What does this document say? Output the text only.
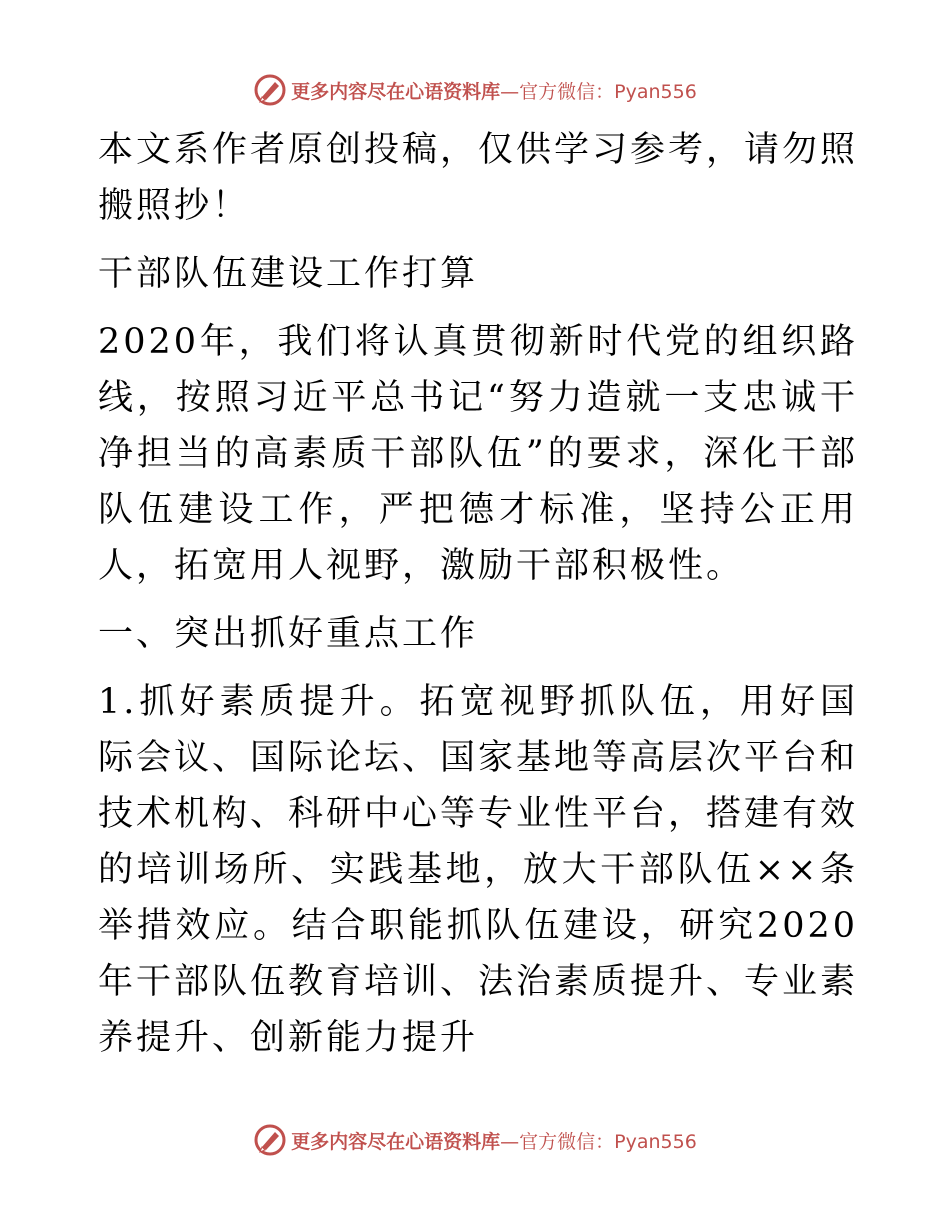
更多内容尽在心语资料库 —官方微信：Pyan556

本文系作者原创投稿，仅供学习参考，请勿照搬照抄！

干部队伍建设工作打算

2020年，我们将认真贯彻新时代党的组织路线，按照习近平总书记“努力造就一支忠诚干净担当的高素质干部队伍”的要求，深化干部队伍建设工作，严把德才标准，坚持公正用人，拓宽用人视野，激励干部积极性。

一、突出抓好重点工作

1.抓好素质提升。拓宽视野抓队伍，用好国际会议、国际论坛、国家基地等高层次平台和技术机构、科研中心等专业性平台，搭建有效的培训场所、实践基地，放大干部队伍××条举措效应。结合职能抓队伍建设，研究2020年干部队伍教育培训、法治素质提升、专业素养提升、创新能力提升

更多内容尽在心语资料库 —官方微信：Pyan556
